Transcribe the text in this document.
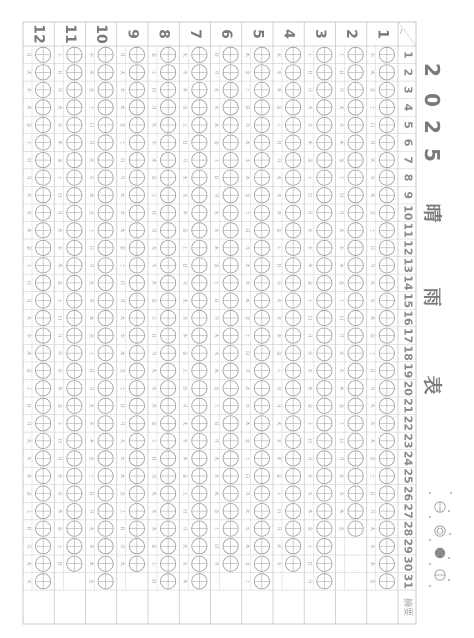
1
2
3
4
5
6
7
8
9
10
11
12
1
2
3
4
5
6
7
8
9
10
11
12
13
14
15
16
17
18
19
20
21
22
23
24
25
26
27
28
29
30
31
摘要
水
木
金
土
日
月
火
水
木
金
土
日
月
火
水
木
金
土
日
月
火
水
木
金
土
日
月
火
水
木
金
土
日
月
火
水
木
金
土
日
月
火
水
木
金
土
日
月
火
水
木
金
土
日
月
火
水
木
金
土
日
月
火
水
木
金
土
日
月
火
水
木
金
土
日
月
火
水
木
金
土
日
月
火
水
木
金
土
日
月
火
水
木
金
土
日
月
火
水
木
金
土
日
月
火
水
木
金
土
日
月
火
水
木
金
土
日
月
火
水
木
金
土
日
月
火
水
木
金
土
日
月
火
水
木
金
土
日
月
火
水
木
金
土
日
月
火
水
木
金
土
日
月
火
水
木
金
土
日
月
火
水
木
金
土
日
月
火
水
木
金
土
日
月
火
水
木
金
土
日
月
火
水
木
金
土
日
月
火
水
木
金
土
日
月
火
水
木
金
土
日
月
火
水
木
金
土
日
月
火
水
木
金
土
日
月
火
水
木
金
土
日
月
火
水
木
金
土
日
月
火
水
木
金
土
日
月
火
水
木
金
土
日
月
火
水
木
金
土
日
月
火
水
木
金
土
日
月
火
水
木
金
土
日
月
火
水
木
金
土
日
月
火
水
木
金
土
日
月
火
水
木
金
土
日
月
火
水
木
金
土
日
月
火
水
木
金
土
日
月
火
水
木
金
土
日
月
火
水
木
金
土
日
月
火
水
木
金
土
日
月
火
水
木
金
土
日
月
火
水
木
金
土
日
月
火
水
木
金
土
日
月
火
水
木
金
土
日
月
火
水
木
金
土
日
月
火
水
木
金
土
日
月
火
水
2
0
2
5
晴
雨
表
/
